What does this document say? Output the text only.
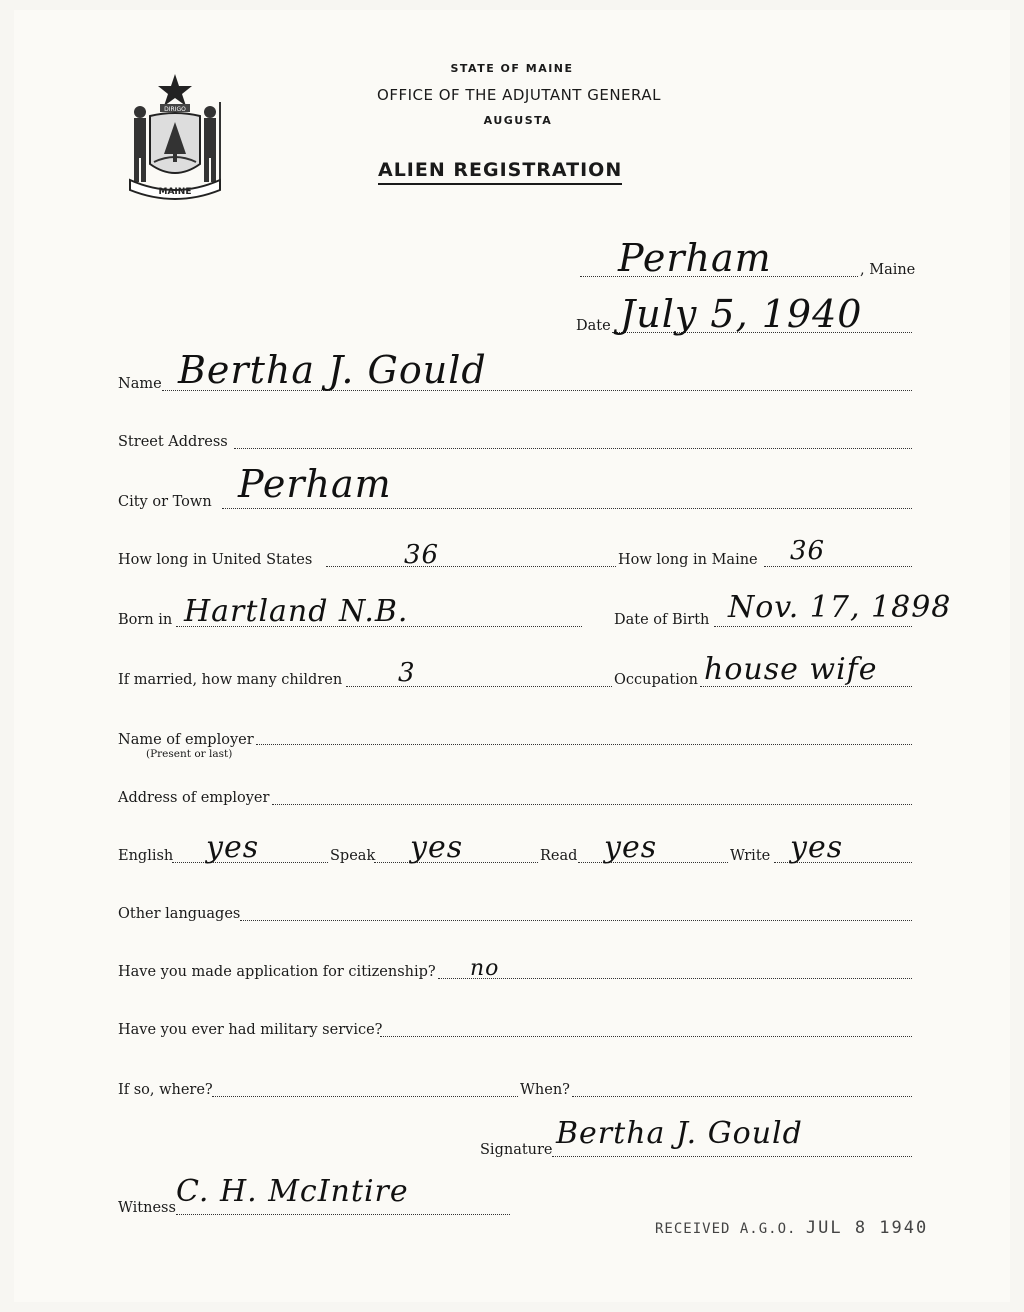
DIRIGO
MAINE
STATE OF MAINE
OFFICE OF THE ADJUTANT GENERAL
AUGUSTA
ALIEN REGISTRATION
Perham	, Maine
Date July 5, 1940
Name Bertha J. Gould
Street Address
City or Town Perham
How long in United States	36	How long in Maine 36
Born in Hartland N.B.	Date of Birth Nov. 17, 1898
If married, how many children 3	Occupation house wife
Name of employer
(Present or last)
Address of employer
English yes	Speak yes	Read yes	Write yes
Other languages
Have you made application for citizenship? no
Have you ever had military service?
If so, where?	When?
Signature Bertha J. Gould
Witness C. H. McIntire
RECEIVED A.G.O. JUL 8 1940
